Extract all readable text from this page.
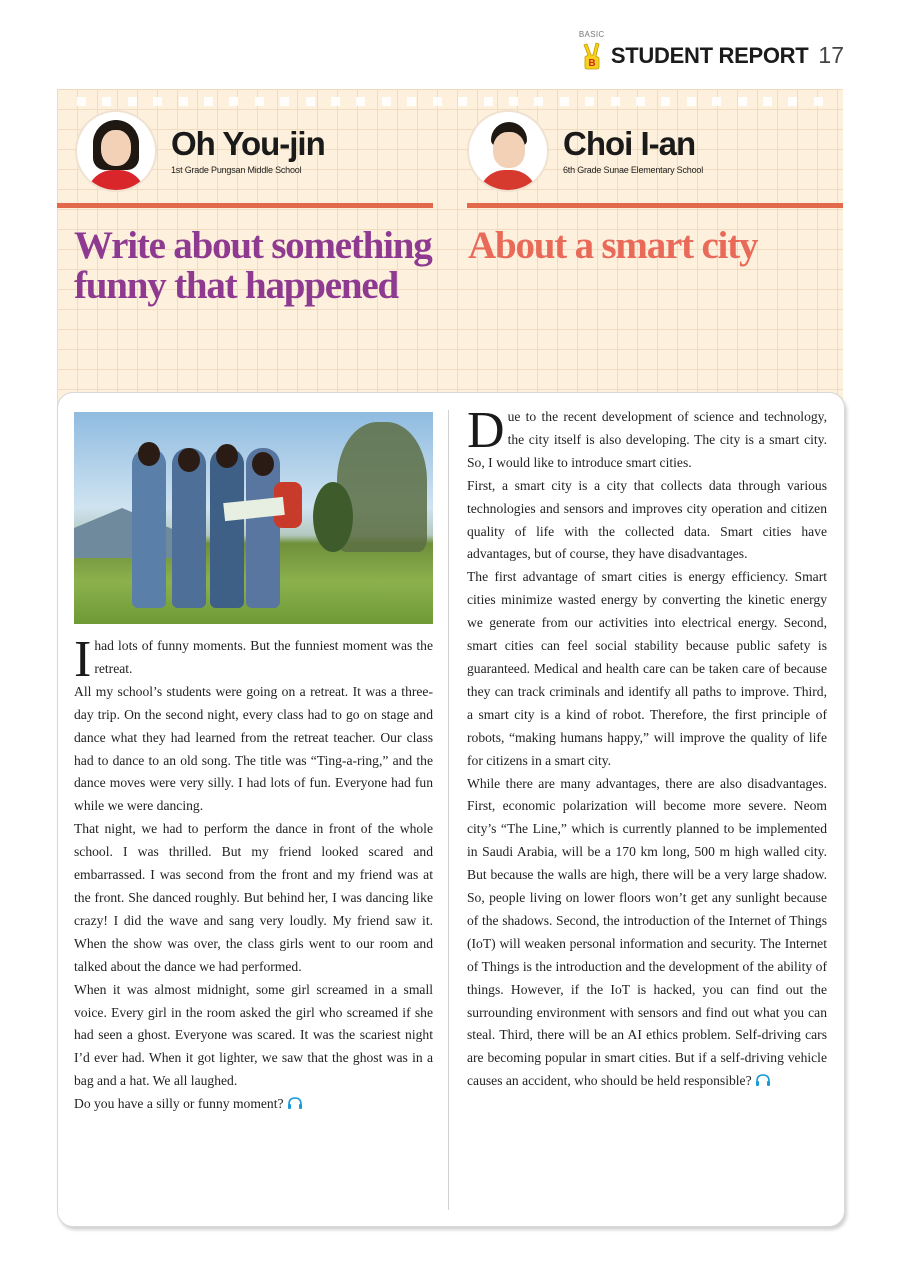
BASIC
B STUDENT REPORT 17
Oh You-jin
1st Grade Pungsan Middle School
Choi I-an
6th Grade Sunae Elementary School
Write about something funny that happened
About a smart city

Ihad lots of funny moments. But the funniest moment was the retreat.

All my school’s students were going on a retreat. It was a three-day trip. On the second night, every class had to go on stage and dance what they had learned from the retreat teacher. Our class had to dance to an old song. The title was “Ting-a-ring,” and the dance moves were very silly. I had lots of fun. Everyone had fun while we were dancing.

That night, we had to perform the dance in front of the whole school. I was thrilled. But my friend looked scared and embarrassed. I was second from the front and my friend was at the front. She danced roughly. But behind her, I was dancing like crazy! I did the wave and sang very loudly. My friend saw it. When the show was over, the class girls went to our room and talked about the dance we had performed.

When it was almost midnight, some girl screamed in a small voice. Every girl in the room asked the girl who screamed if she had seen a ghost. Everyone was scared. It was the scariest night I’d ever had. When it got lighter, we saw that the ghost was in a bag and a hat. We all laughed.

Do you have a silly or funny moment?

Due to the recent development of science and technology, the city itself is also developing. The city is a smart city. So, I would like to introduce smart cities.

First, a smart city is a city that collects data through various technologies and sensors and improves city operation and citizen quality of life with the collected data. Smart cities have advantages, but of course, they have disadvantages.

The first advantage of smart cities is energy efficiency. Smart cities minimize wasted energy by converting the kinetic energy we generate from our activities into electrical energy. Second, smart cities can feel social stability because public safety is guaranteed. Medical and health care can be taken care of because they can track criminals and identify all paths to improve. Third, a smart city is a kind of robot. Therefore, the first principle of robots, “making humans happy,” will improve the quality of life for citizens in a smart city.

While there are many advantages, there are also disadvantages. First, economic polarization will become more severe. Neom city’s “The Line,” which is currently planned to be implemented in Saudi Arabia, will be a 170 km long, 500 m high walled city. But because the walls are high, there will be a very large shadow. So, people living on lower floors won’t get any sunlight because of the shadows. Second, the introduction of the Internet of Things (IoT) will weaken personal information and security. The Internet of Things is the introduction and the development of the ability of things. However, if the IoT is hacked, you can find out the surrounding environment with sensors and find out what you can steal. Third, there will be an AI ethics problem. Self-driving cars are becoming popular in smart cities. But if a self-driving vehicle causes an accident, who should be held responsible?
